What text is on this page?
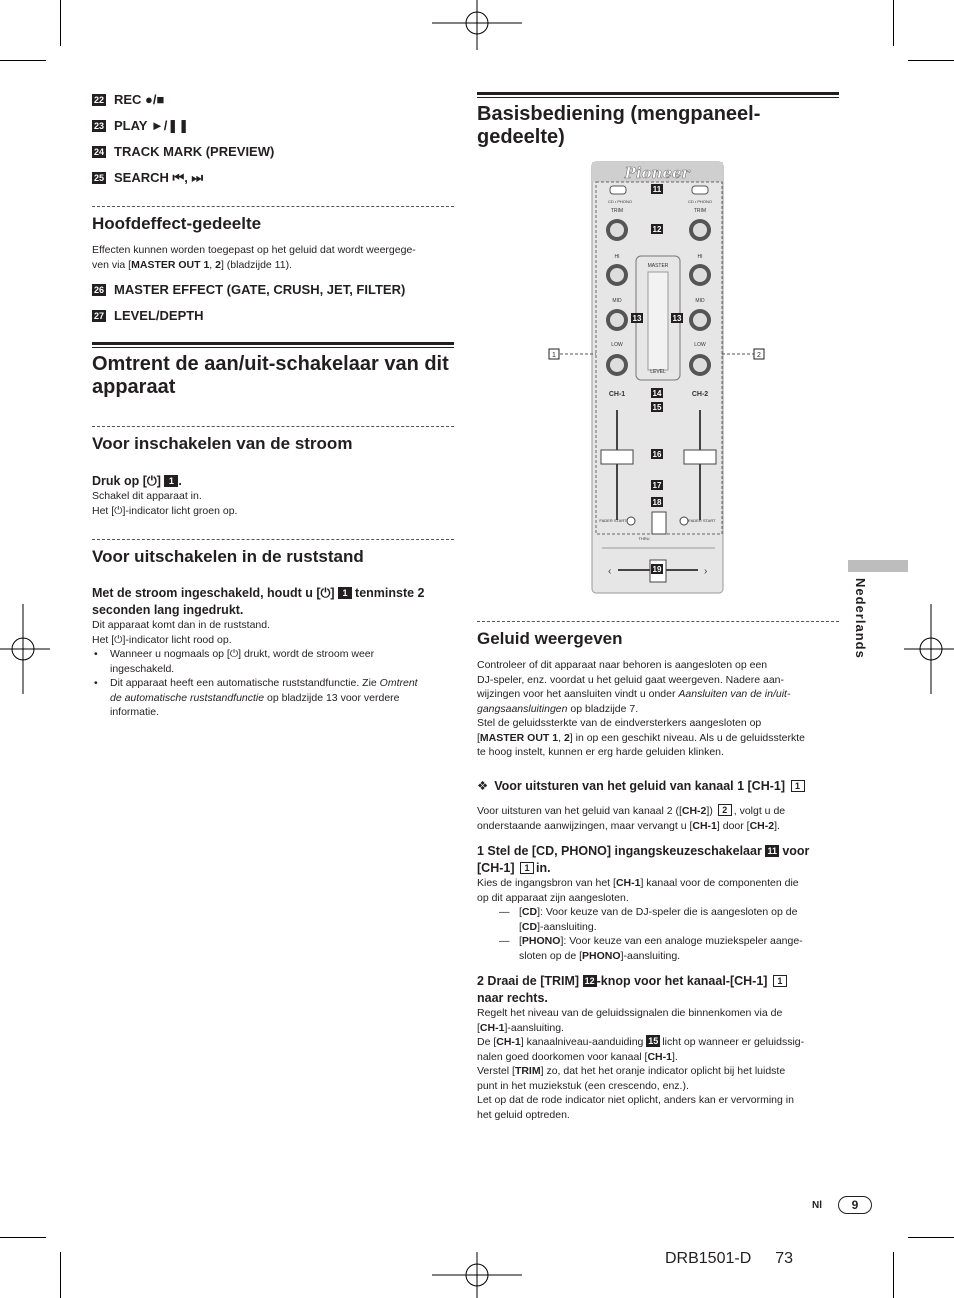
22 REC ●/■
23 PLAY ►/❚❚
24 TRACK MARK (PREVIEW)
25 SEARCH ⏮, ⏭
Hoofdeffect-gedeelte
Effecten kunnen worden toegepast op het geluid dat wordt weergege-
ven via [MASTER OUT 1, 2] (bladzijde 11).
26 MASTER EFFECT (GATE, CRUSH, JET, FILTER)
27 LEVEL/DEPTH
Omtrent de aan/uit-schakelaar van dit apparaat
Voor inschakelen van de stroom
Druk op [⏻] 1 .
Schakel dit apparaat in.
Het [⏻]-indicator licht groen op.
Voor uitschakelen in de ruststand
Met de stroom ingeschakeld, houdt u [⏻] 1 tenminste 2
seconden lang ingedrukt.
Dit apparaat komt dan in de ruststand.
Het [⏻]-indicator licht rood op.
• Wanneer u nogmaals op [⏻] drukt, wordt de stroom weer
ingeschakeld.
• Dit apparaat heeft een automatische ruststandfunctie. Zie Omtrent
de automatische ruststandfunctie op bladzijde 13 voor verdere
informatie.
Basisbediening (mengpaneel-gedeelte)
Pioneer
CD • PHONO
TRIM
HI
MID
LOW
CH-1
CD • PHONO
TRIM
HI
MID
LOW
CH-2
MASTER
LEVEL
FADER START	FADER START
THRU
‹	›
11
12
13	13
14
15
16
17
18
19
1	2
Geluid weergeven
Controleer of dit apparaat naar behoren is aangesloten op een
DJ-speler, enz. voordat u het geluid gaat weergeven. Nadere aan-
wijzingen voor het aansluiten vindt u onder Aansluiten van de in/uit-
gangsaansluitingen op bladzijde 7.
Stel de geluidssterkte van de eindversterkers aangesloten op
[MASTER OUT 1, 2] in op een geschikt niveau. Als u de geluidssterkte
te hoog instelt, kunnen er erg harde geluiden klinken.
❖ Voor uitsturen van het geluid van kanaal 1 [CH-1] 1
Voor uitsturen van het geluid van kanaal 2 ([CH-2]) 2 , volgt u de
onderstaande aanwijzingen, maar vervangt u [CH-1] door [CH-2].
1 Stel de [CD, PHONO] ingangskeuzeschakelaar 11 voor
[CH-1] 1 in.
Kies de ingangsbron van het [CH-1] kanaal voor de componenten die
op dit apparaat zijn aangesloten.
— [CD]: Voor keuze van de DJ-speler die is aangesloten op de
[CD]-aansluiting.
— [PHONO]: Voor keuze van een analoge muziekspeler aange-
sloten op de [PHONO]-aansluiting.
2 Draai de [TRIM] 12 -knop voor het kanaal-[CH-1] 1
naar rechts.
Regelt het niveau van de geluidssignalen die binnenkomen via de
[CH-1]-aansluiting.
De [CH-1] kanaalniveau-aanduiding 15 licht op wanneer er geluidssig-
nalen goed doorkomen voor kanaal [CH-1].
Verstel [TRIM] zo, dat het het oranje indicator oplicht bij het luidste
punt in het muziekstuk (een crescendo, enz.).
Let op dat de rode indicator niet oplicht, anders kan er vervorming in
het geluid optreden.
Nederlands
Nl	9
DRB1501-D 73
